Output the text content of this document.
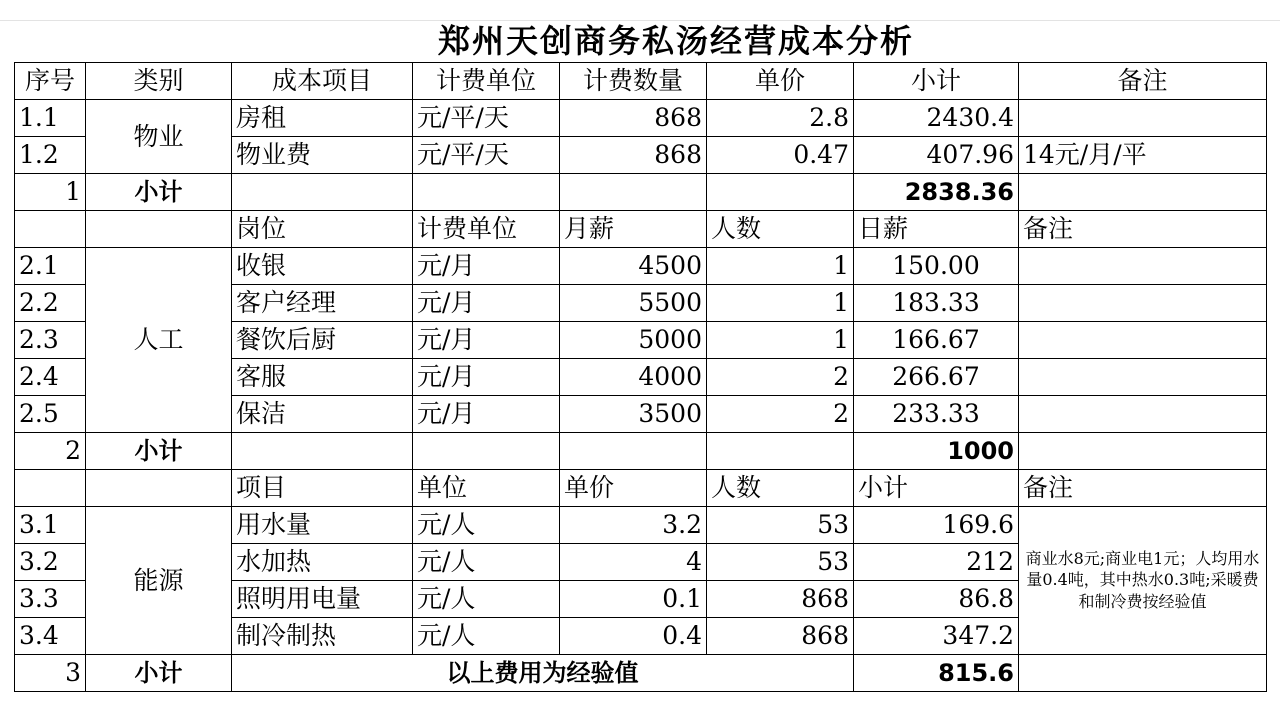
	郑州天创商务私汤经营成本分析						
序号	类别	成本项目	计费单位	计费数量	单价	小计	备注
1.1	物业	房租	元/平/天	868	2.8	2430.4	
1.2		物业费	元/平/天	868	0.47	407.96	14元/月/平
1	小计					2838.36	
		岗位	计费单位	月薪	人数	日薪	备注
2.1	人工	收银	元/月	4500	1	150.00	
2.2		客户经理	元/月	5500	1	183.33	
2.3		餐饮后厨	元/月	5000	1	166.67	
2.4		客服	元/月	4000	2	266.67	
2.5		保洁	元/月	3500	2	233.33	
2	小计					1000	
		项目	单位	单价	人数	小计	备注
3.1	能源	用水量	元/人	3.2	53	169.6	商业水8元;商业电1元；人均用水量0.4吨，其中热水0.3吨;采暖费和制冷费按经验值
3.2		水加热	元/人	4	53	212	
3.3		照明用电量	元/人	0.1	868	86.8	
3.4		制冷制热	元/人	0.4	868	347.2	
3	小计	以上费用为经验值				815.6	
